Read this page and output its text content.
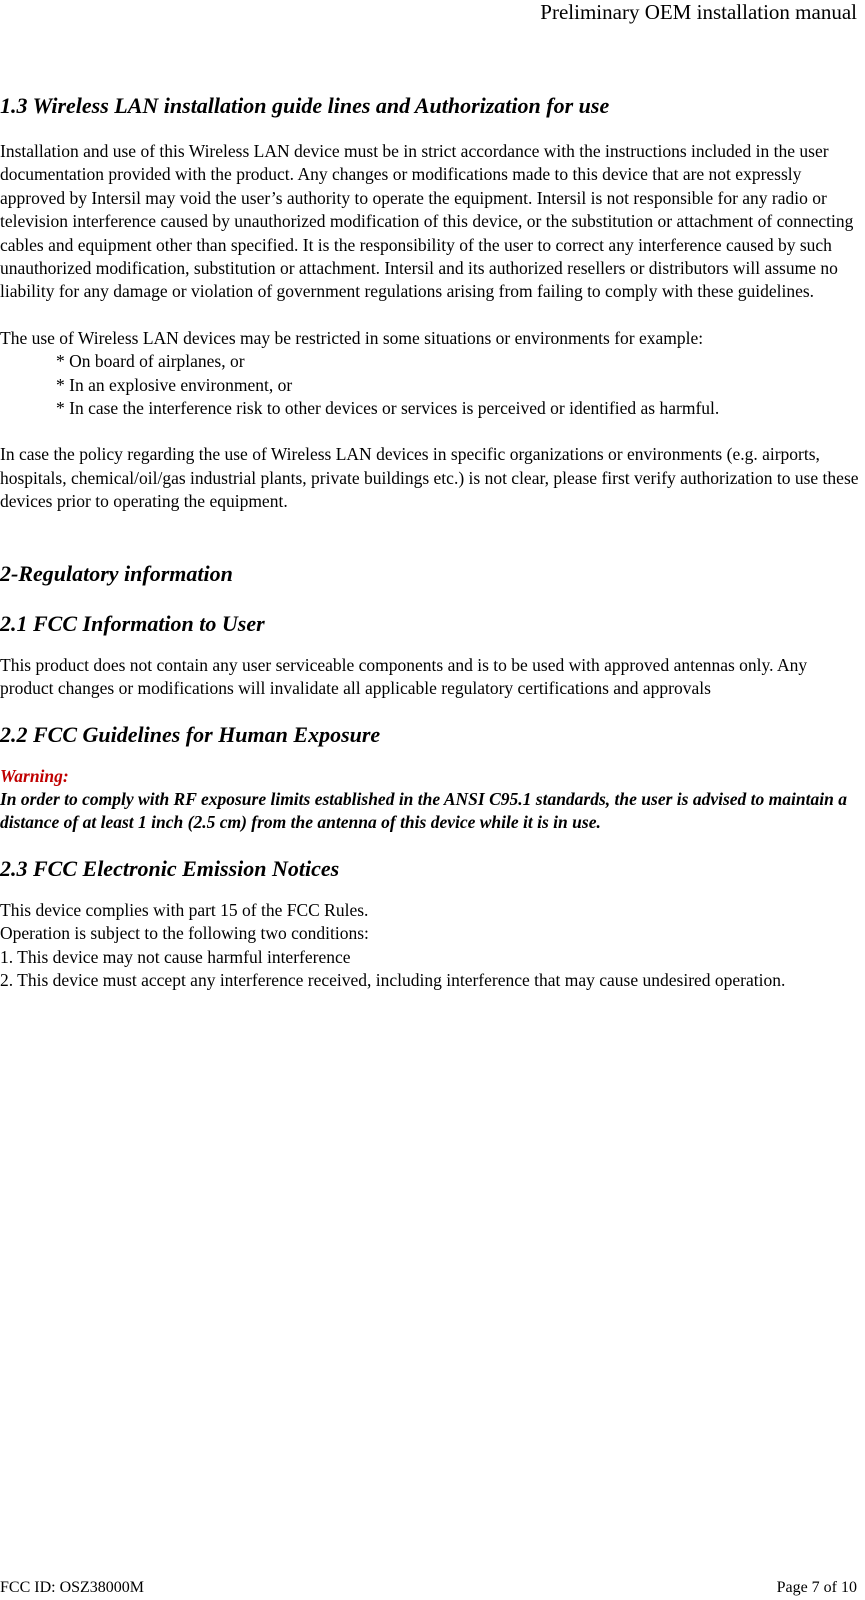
Preliminary OEM installation manual
1.3 Wireless LAN installation guide lines and Authorization for use

Installation and use of this Wireless LAN device must be in strict accordance with the instructions included in the user documentation provided with the product. Any changes or modifications made to this device that are not expressly approved by Intersil may void the user’s authority to operate the equipment. Intersil is not responsible for any radio or television interference caused by unauthorized modification of this device, or the substitution or attachment of connecting cables and equipment other than specified. It is the responsibility of the user to correct any interference caused by such unauthorized modification, substitution or attachment. Intersil and its authorized resellers or distributors will assume no liability for any damage or violation of government regulations arising from failing to comply with these guidelines.

The use of Wireless LAN devices may be restricted in some situations or environments for example:

* On board of airplanes, or
* In an explosive environment, or
* In case the interference risk to other devices or services is perceived or identified as harmful.

In case the policy regarding the use of Wireless LAN devices in specific organizations or environments (e.g. airports, hospitals, chemical/oil/gas industrial plants, private buildings etc.) is not clear, please first verify authorization to use these devices prior to operating the equipment.

2-Regulatory information
2.1 FCC Information to User

This product does not contain any user serviceable components and is to be used with approved antennas only. Any product changes or modifications will invalidate all applicable regulatory certifications and approvals

2.2 FCC Guidelines for Human Exposure

Warning:

In order to comply with RF exposure limits established in the ANSI C95.1 standards, the user is advised to maintain a distance of at least 1 inch (2.5 cm) from the antenna of this device while it is in use.

2.3 FCC Electronic Emission Notices

This device complies with part 15 of the FCC Rules.

Operation is subject to the following two conditions:

1. This device may not cause harmful interference

2. This device must accept any interference received, including interference that may cause undesired operation.

FCC ID: OSZ38000M	Page 7 of 10
